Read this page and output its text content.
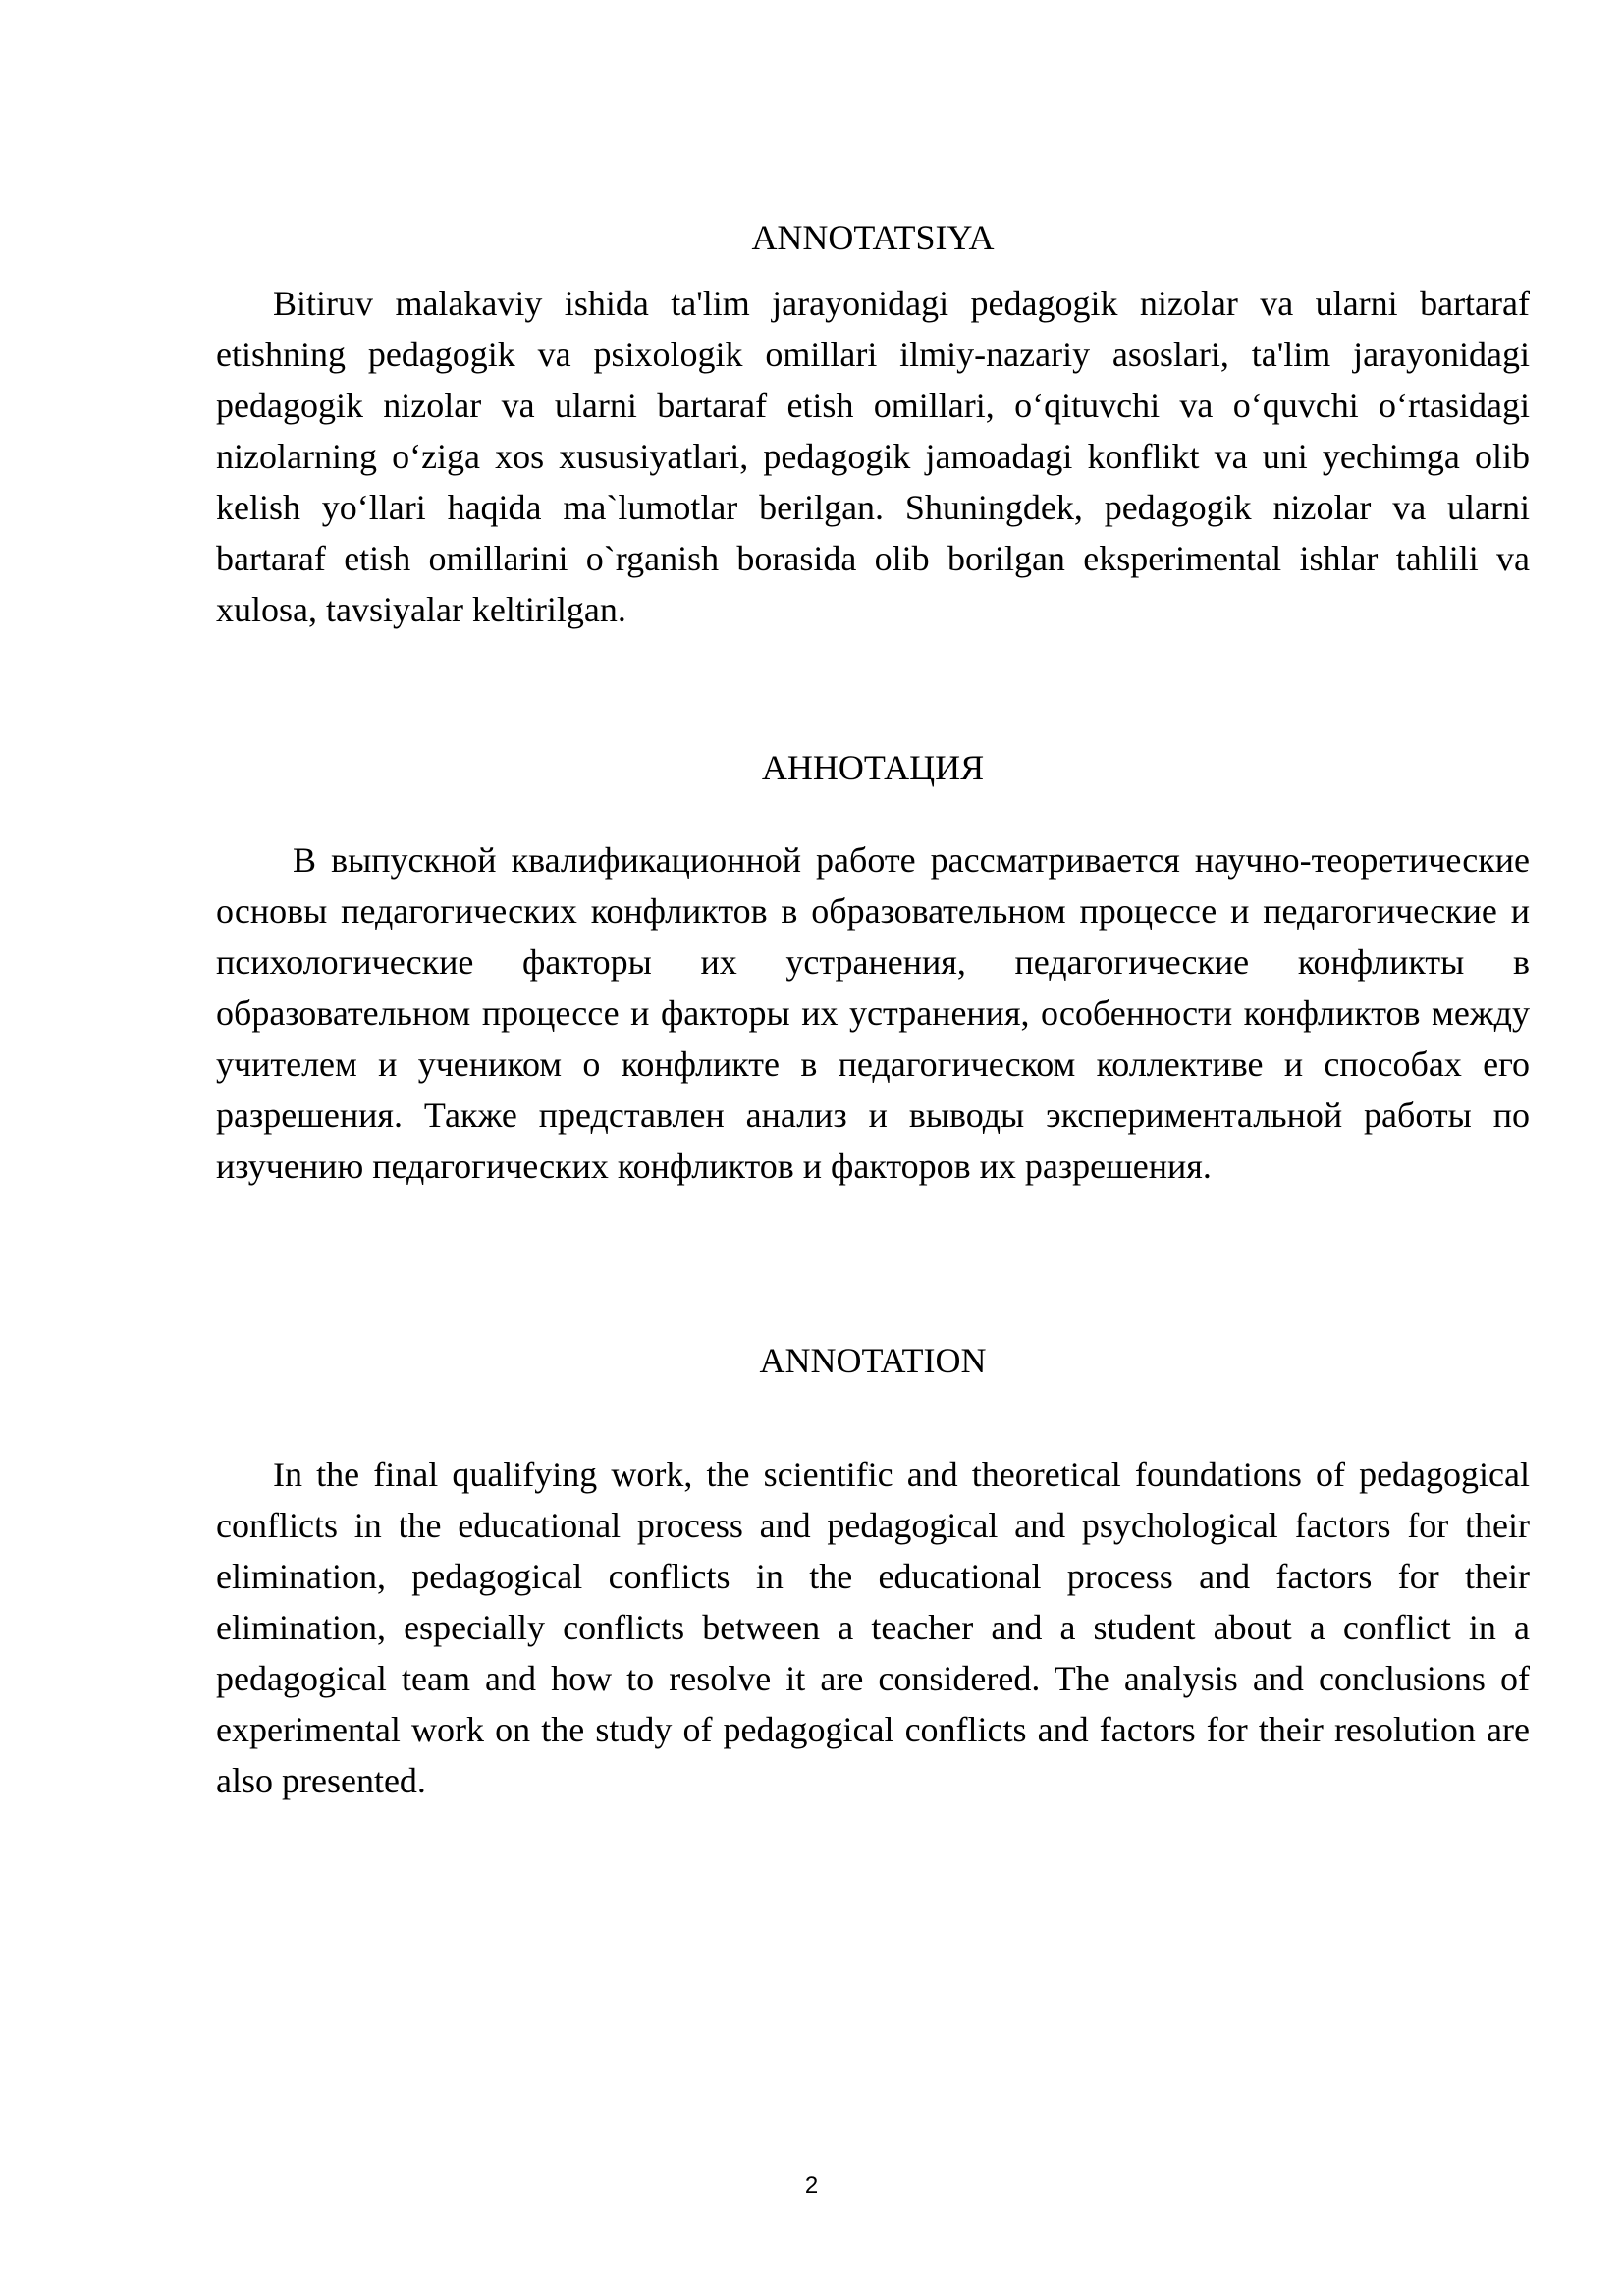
ANNOTATSIYA

Bitiruv malakaviy ishida ta'lim jarayonidagi pedagogik nizolar va ularni bartaraf etishning pedagogik va psixologik omillari ilmiy-nazariy asoslari, ta'lim jarayonidagi pedagogik nizolar va ularni bartaraf etish omillari, o‘qituvchi va o‘quvchi o‘rtasidagi nizolarning o‘ziga xos xususiyatlari, pedagogik jamoadagi konflikt va uni yechimga olib kelish yo‘llari haqida ma`lumotlar berilgan. Shuningdek, pedagogik nizolar va ularni bartaraf etish omillarini o`rganish borasida olib borilgan eksperimental ishlar tahlili va xulosa, tavsiyalar keltirilgan.

АННОТАЦИЯ

В выпускной квалификационной работе рассматривается научно-теоретические основы педагогических конфликтов в образовательном процессе и педагогические и психологические факторы их устранения, педагогические конфликты в образовательном процессе и факторы их устранения, особенности конфликтов между учителем и учеником о конфликте в педагогическом коллективе и способах его разрешения. Также представлен анализ и выводы экспериментальной работы по изучению педагогических конфликтов и факторов их разрешения.

ANNOTATION

In the final qualifying work, the scientific and theoretical foundations of pedagogical conflicts in the educational process and pedagogical and psychological factors for their elimination, pedagogical conflicts in the educational process and factors for their elimination, especially conflicts between a teacher and a student about a conflict in a pedagogical team and how to resolve it are considered. The analysis and conclusions of experimental work on the study of pedagogical conflicts and factors for their resolution are also presented.

2
